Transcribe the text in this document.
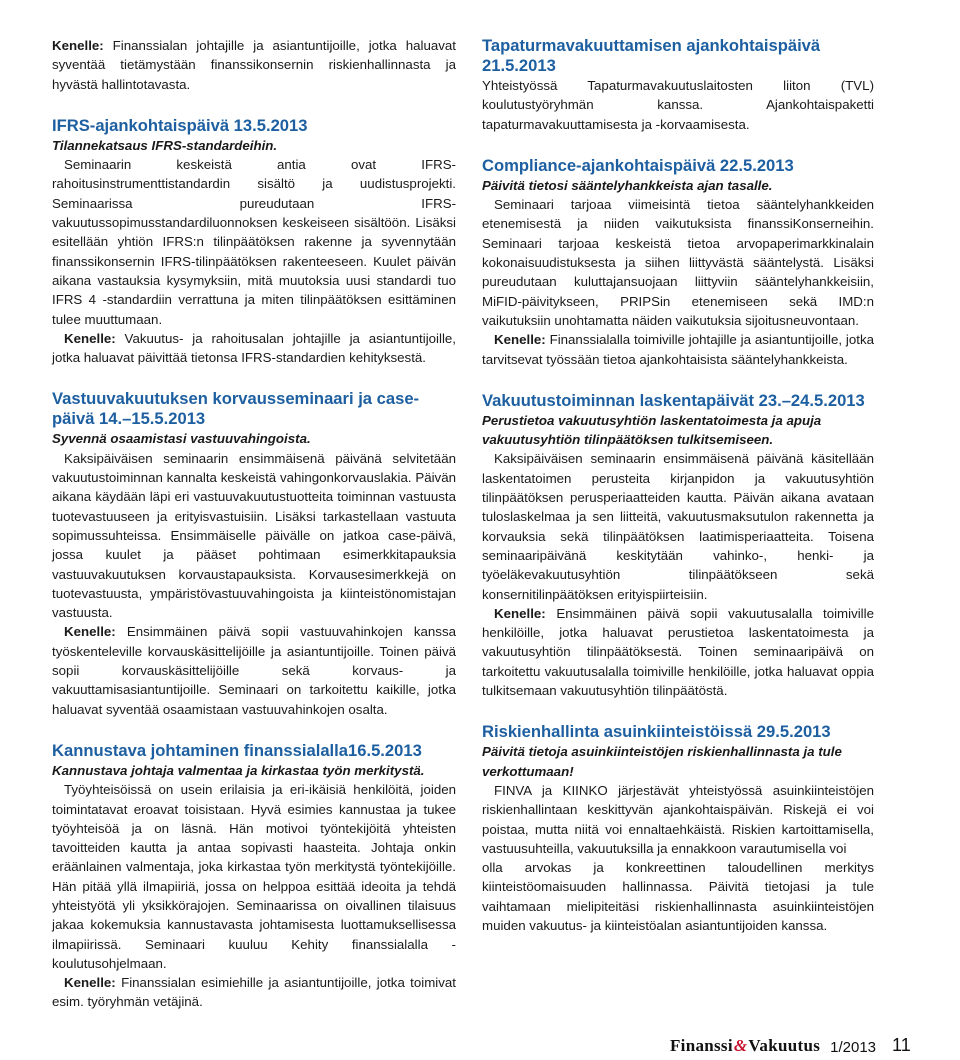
Kenelle: Finanssialan johtajille ja asiantuntijoille, jotka haluavat syventää tietämystään finanssikonsernin riskienhallinnasta ja hyvästä hallintotavasta.

IFRS-ajankohtaispäivä 13.5.2013
Tilannekatsaus IFRS-standardeihin.

Seminaarin keskeistä antia ovat IFRS-rahoitusinstrumenttistandardin sisältö ja uudistusprojekti. Seminaarissa pureudutaan IFRS-vakuutussopimusstandardiluonnoksen keskeiseen sisältöön. Lisäksi esitellään yhtiön IFRS:n tilinpäätöksen rakenne ja syvennytään finanssikonsernin IFRS-tilinpäätöksen rakenteeseen. Kuulet päivän aikana vastauksia kysymyksiin, mitä muutoksia uusi standardi tuo IFRS 4 -standardiin verrattuna ja miten tilinpäätöksen esittäminen tulee muuttumaan.

Kenelle: Vakuutus- ja rahoitusalan johtajille ja asiantuntijoille, jotka haluavat päivittää tietonsa IFRS-standardien kehityksestä.

Vastuuvakuutuksen korvausseminaari ja case-päivä 14.–15.5.2013
Syvennä osaamistasi vastuuvahingoista.

Kaksipäiväisen seminaarin ensimmäisenä päivänä selvitetään vakuutustoiminnan kannalta keskeistä vahingonkorvauslakia. Päivän aikana käydään läpi eri vastuuvakuutustuotteita toiminnan vastuusta tuotevastuuseen ja erityisvastuisiin. Lisäksi tarkastellaan vastuuta sopimussuhteissa. Ensimmäiselle päivälle on jatkoa case-päivä, jossa kuulet ja pääset pohtimaan esimerkkitapauksia vastuuvakuutuksen korvaustapauksista. Korvausesimerkkejä on tuotevastuusta, ympäristövastuuvahingoista ja kiinteistönomistajan vastuusta.

Kenelle: Ensimmäinen päivä sopii vastuuvahinkojen kanssa työskenteleville korvauskäsittelijöille ja asiantuntijoille. Toinen päivä sopii korvauskäsittelijöille sekä korvaus- ja vakuuttamisasiantuntijoille. Seminaari on tarkoitettu kaikille, jotka haluavat syventää osaamistaan vastuuvahinkojen osalta.

Kannustava johtaminen finanssialalla16.5.2013
Kannustava johtaja valmentaa ja kirkastaa työn merkitystä.

Työyhteisöissä on usein erilaisia ja eri-ikäisiä henkilöitä, joiden toimintatavat eroavat toisistaan. Hyvä esimies kannustaa ja tukee työyhteisöä ja on läsnä. Hän motivoi työntekijöitä yhteisten tavoitteiden kautta ja antaa sopivasti haasteita. Johtaja onkin eräänlainen valmentaja, joka kirkastaa työn merkitystä työntekijöille. Hän pitää yllä ilmapiiriä, jossa on helppoa esittää ideoita ja tehdä yhteistyötä yli yksikkörajojen. Seminaarissa on oivallinen tilaisuus jakaa kokemuksia kannustavasta johtamisesta luottamuksellisessa ilmapiirissä. Seminaari kuuluu Kehity finanssialalla -koulutusohjelmaan.

Kenelle: Finanssialan esimiehille ja asiantuntijoille, jotka toimivat esim. työryhmän vetäjinä.

Tapaturmavakuuttamisen ajankohtaispäivä 21.5.2013

Yhteistyössä Tapaturmavakuutuslaitosten liiton (TVL) koulutustyöryhmän kanssa. Ajankohtaispaketti tapaturmavakuuttamisesta ja -korvaamisesta.

Compliance-ajankohtaispäivä 22.5.2013
Päivitä tietosi sääntelyhankkeista ajan tasalle.

Seminaari tarjoaa viimeisintä tietoa sääntelyhankkeiden etenemisestä ja niiden vaikutuksista finanssiKonserneihin. Seminaari tarjoaa keskeistä tietoa arvopaperimarkkinalain kokonaisuudistuksesta ja siihen liittyvästä sääntelystä. Lisäksi pureudutaan kuluttajansuojaan liittyviin sääntelyhankkeisiin, MiFID-päivitykseen, PRIPSin etenemiseen sekä IMD:n vaikutuksiin unohtamatta näiden vaikutuksia sijoitusneuvontaan.

Kenelle: Finanssialalla toimiville johtajille ja asiantuntijoille, jotka tarvitsevat työssään tietoa ajankohtaisista sääntelyhankkeista.

Vakuutustoiminnan laskentapäivät 23.–24.5.2013
Perustietoa vakuutusyhtiön laskentatoimesta ja apuja vakuutusyhtiön tilinpäätöksen tulkitsemiseen.

Kaksipäiväisen seminaarin ensimmäisenä päivänä käsitellään laskentatoimen perusteita kirjanpidon ja vakuutusyhtiön tilinpäätöksen perusperiaatteiden kautta. Päivän aikana avataan tuloslaskelmaa ja sen liitteitä, vakuutusmaksutulon rakennetta ja korvauksia sekä tilinpäätöksen laatimisperiaatteita. Toisena seminaaripäivänä keskitytään vahinko-, henki- ja työeläkevakuutusyhtiön tilinpäätökseen sekä konsernitilinpäätöksen erityispiirteisiin.

Kenelle: Ensimmäinen päivä sopii vakuutusalalla toimiville henkilöille, jotka haluavat perustietoa laskentatoimesta ja vakuutusyhtiön tilinpäätöksestä. Toinen seminaaripäivä on tarkoitettu vakuutusalalla toimiville henkilöille, jotka haluavat oppia tulkitsemaan vakuutusyhtiön tilinpäätöstä.

Riskienhallinta asuinkiinteistöissä 29.5.2013
Päivitä tietoja asuinkiinteistöjen riskienhallinnasta ja tule verkottumaan!

FINVA ja KIINKO järjestävät yhteistyössä asuinkiinteistöjen riskienhallintaan keskittyvän ajankohtaispäivän. Riskejä ei voi poistaa, mutta niitä voi ennaltaehkäistä. Riskien kartoittamisella, vastuusuhteilla, vakuutuksilla ja ennakkoon varautumisella voi

olla arvokas ja konkreettinen taloudellinen merkitys kiinteistöomaisuuden hallinnassa. Päivitä tietojasi ja tule vaihtamaan mielipiteitäsi riskienhallinnasta asuinkiinteistöjen muiden vakuutus- ja kiinteistöalan asiantuntijoiden kanssa.

Finanssi & Vakuutus 1/2013 11
